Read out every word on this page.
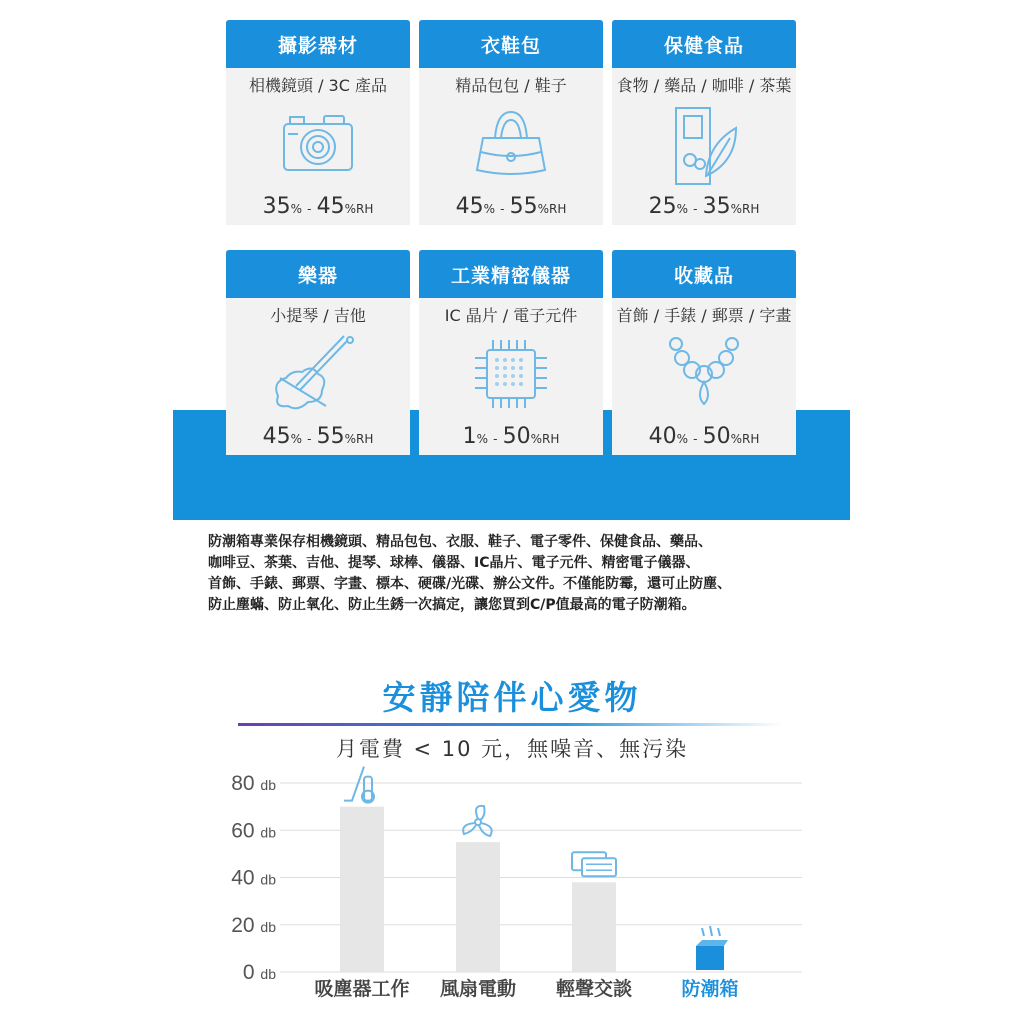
攝影器材
相機鏡頭 / 3C 產品
35% - 45%RH
衣鞋包
精品包包 / 鞋子
45% - 55%RH
保健食品
食物 / 藥品 / 咖啡 / 茶葉
25% - 35%RH
樂器
小提琴 / 吉他
45% - 55%RH
工業精密儀器
IC 晶片 / 電子元件
1% - 50%RH
收藏品
首飾 / 手錶 / 郵票 / 字畫
40% - 50%RH
防潮箱專業保存相機鏡頭、精品包包、衣服、鞋子、電子零件、保健食品、藥品、
咖啡豆、茶葉、吉他、提琴、球棒、儀器、IC晶片、電子元件、精密電子儀器、
首飾、手錶、郵票、字畫、標本、硬碟/光碟、辦公文件。不僅能防霉，還可止防塵、
防止塵蟎、防止氧化、防止生銹一次搞定，讓您買到C/P值最高的電子防潮箱。
安靜陪伴心愛物
月電費 < 10 元，無噪音、無污染
0 db
20 db
40 db
60 db
80 db
吸塵器工作 風扇電動 輕聲交談	防潮箱
